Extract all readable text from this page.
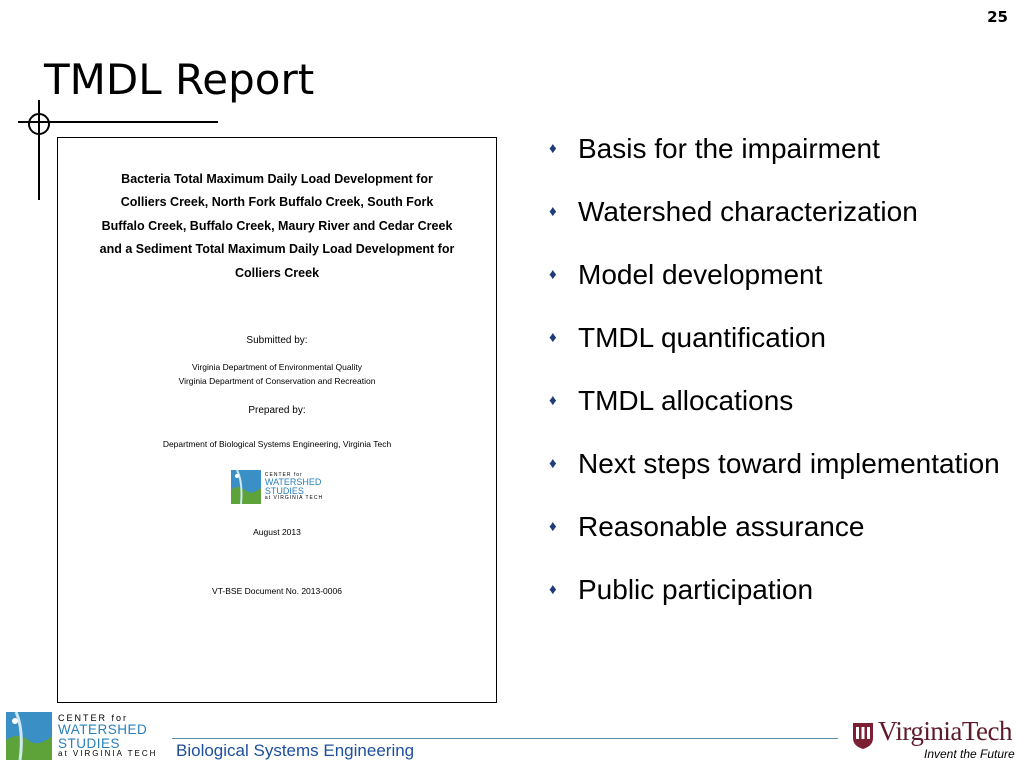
25
TMDL Report
Bacteria Total Maximum Daily Load Development for Colliers Creek, North Fork Buffalo Creek, South Fork Buffalo Creek, Buffalo Creek, Maury River and Cedar Creek and a Sediment Total Maximum Daily Load Development for Colliers Creek
Submitted by:
Virginia Department of Environmental Quality
Virginia Department of Conservation and Recreation
Prepared by:
Department of Biological Systems Engineering, Virginia Tech
CENTER for
WATERSHED
STUDIES
at VIRGINIA TECH
August 2013
VT-BSE Document No. 2013-0006
♦ Basis for the impairment
♦ Watershed characterization
♦ Model development
♦ TMDL quantification
♦ TMDL allocations
♦ Next steps toward implementation
♦ Reasonable assurance
♦ Public participation
CENTER for
WATERSHED
STUDIES
at VIRGINIA TECH Biological Systems Engineering
VirginiaTech
Invent the Future
